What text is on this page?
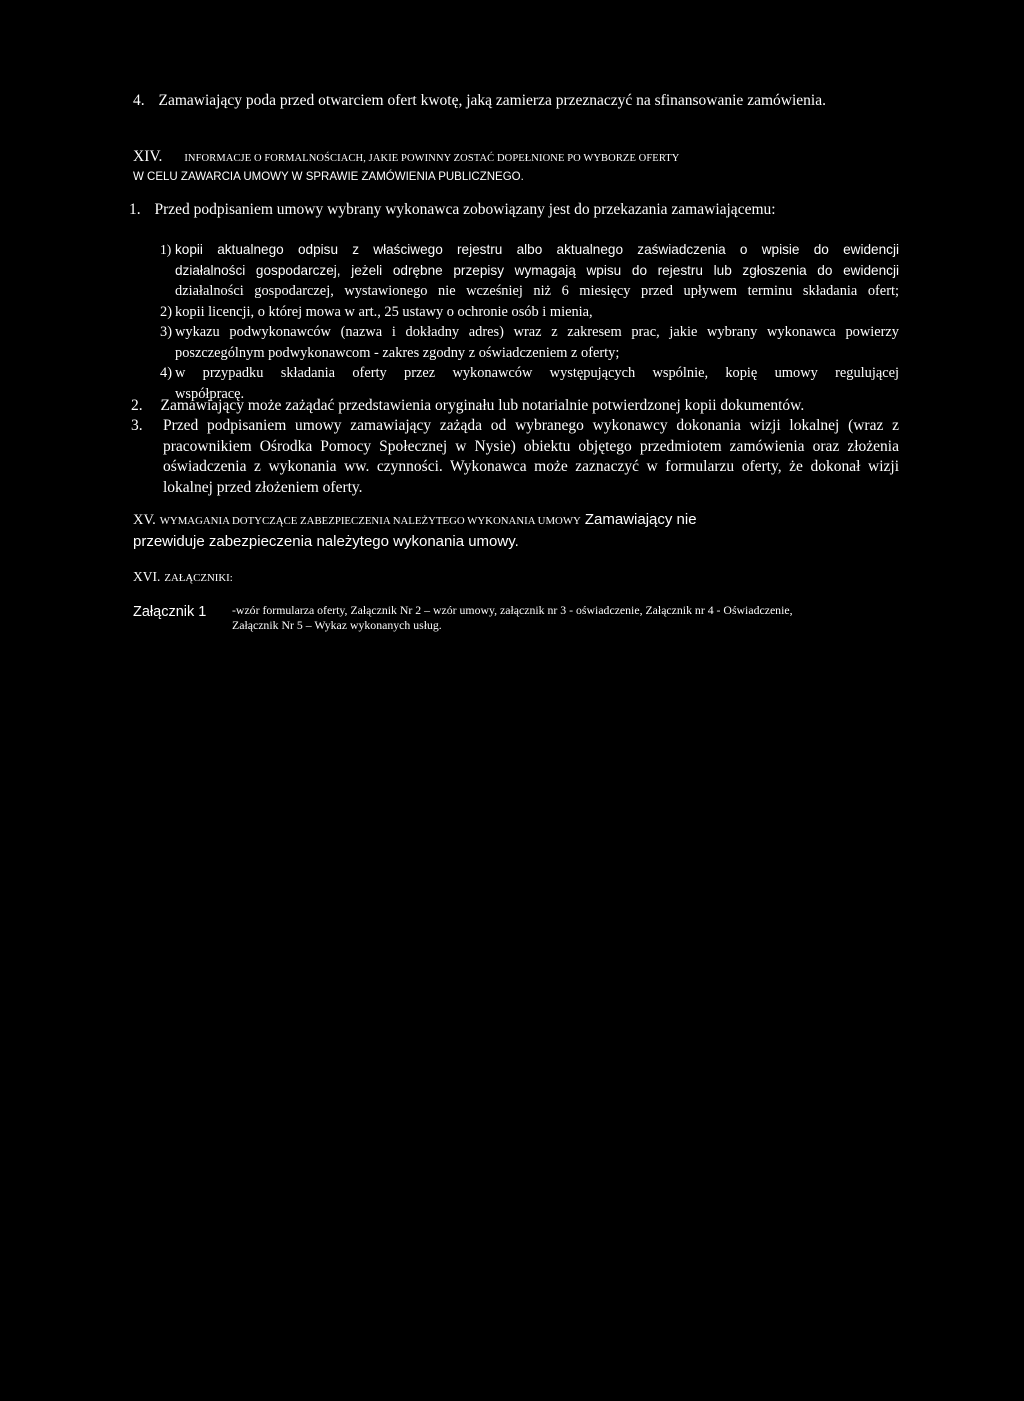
4. Zamawiający poda przed otwarciem ofert kwotę, jaką zamierza przeznaczyć na sfinansowanie zamówienia.
XIV. INFORMACJE O FORMALNOŚCIACH, JAKIE POWINNY ZOSTAĆ DOPEŁNIONE PO WYBORZE OFERTY
W CELU ZAWARCIA UMOWY W SPRAWIE ZAMÓWIENIA PUBLICZNEGO.
1. Przed podpisaniem umowy wybrany wykonawca zobowiązany jest do przekazania zamawiającemu:
1) kopii aktualnego odpisu z właściwego rejestru albo aktualnego zaświadczenia o wpisie do ewidencji
działalności gospodarczej, jeżeli odrębne przepisy wymagają wpisu do rejestru lub zgłoszenia do ewidencji
działalności gospodarczej, wystawionego nie wcześniej niż 6 miesięcy przed upływem terminu składania ofert;
2) kopii licencji, o której mowa w art., 25 ustawy o ochronie osób i mienia,
3) wykazu podwykonawców (nazwa i dokładny adres) wraz z zakresem prac, jakie wybrany wykonawca powierzy
poszczególnym podwykonawcom - zakres zgodny z oświadczeniem z oferty;
4) w przypadku składania oferty przez wykonawców występujących wspólnie, kopię umowy regulującej
współpracę.
2. Zamawiający może zażądać przedstawienia oryginału lub notarialnie potwierdzonej kopii dokumentów.
3. Przed podpisaniem umowy zamawiający zażąda od wybranego wykonawcy dokonania wizji lokalnej (wraz z
pracownikiem Ośrodka Pomocy Społecznej w Nysie) obiektu objętego przedmiotem zamówienia oraz złożenia
oświadczenia z wykonania ww. czynności. Wykonawca może zaznaczyć w formularzu oferty, że dokonał wizji
lokalnej przed złożeniem oferty.
XV. WYMAGANIA DOTYCZĄCE ZABEZPIECZENIA NALEŻYTEGO WYKONANIA UMOWY Zamawiający nie
przewiduje zabezpieczenia należytego wykonania umowy.
XVI. ZAŁĄCZNIKI:
Załącznik 1 -wzór formularza oferty, Załącznik Nr 2 – wzór umowy, załącznik nr 3 - oświadczenie, Załącznik nr 4 - Oświadczenie,
Załącznik Nr 5 – Wykaz wykonanych usług.
